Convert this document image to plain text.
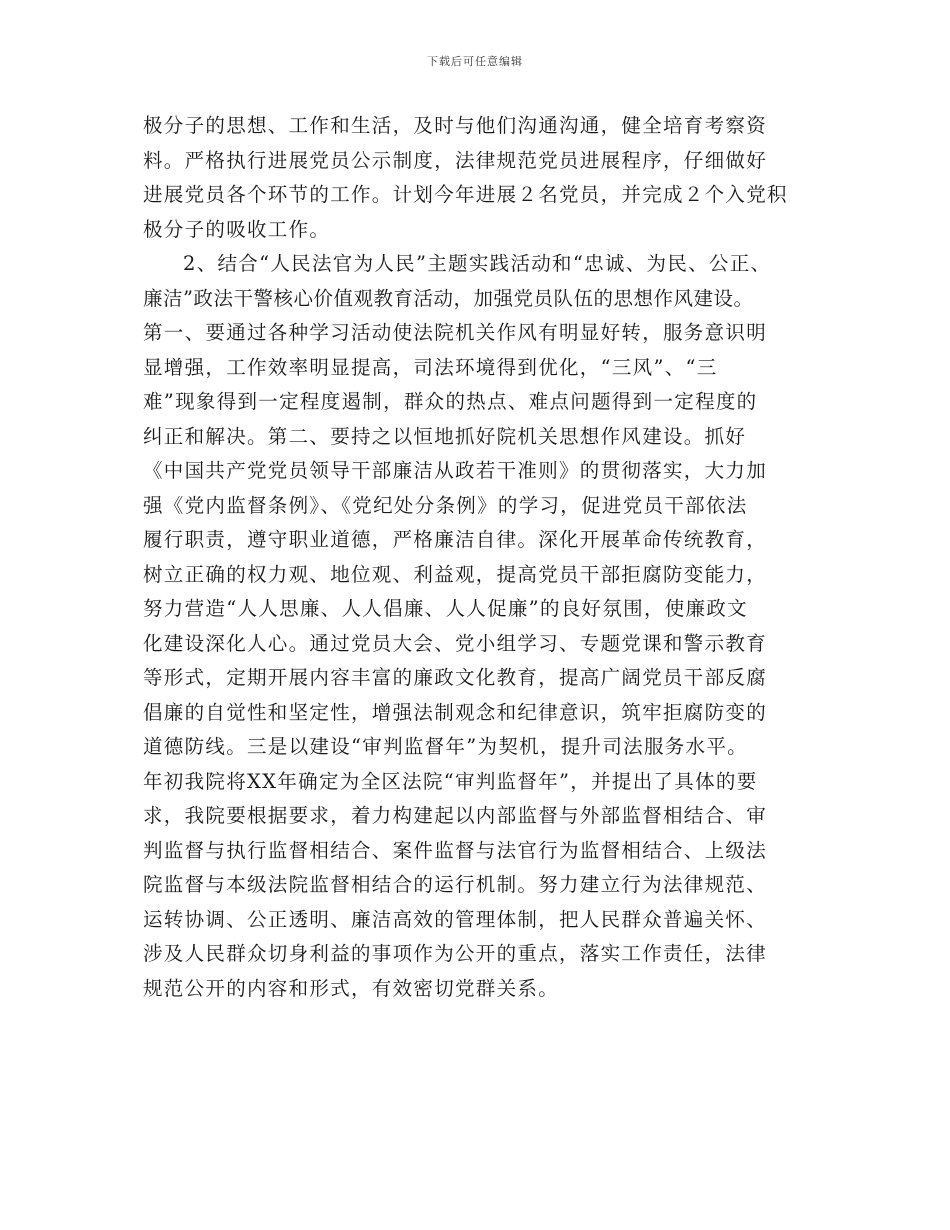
下载后可任意编辑
极分子的思想、工作和生活，及时与他们沟通沟通，健全培育考察资
料。严格执行进展党员公示制度，法律规范党员进展程序，仔细做好
进展党员各个环节的工作。计划今年进展２名党员，并完成２个入党积
极分子的吸收工作。
2、结合“人民法官为人民”主题实践活动和“忠诚、为民、公正、
廉洁”政法干警核心价值观教育活动，加强党员队伍的思想作风建设。
第一、要通过各种学习活动使法院机关作风有明显好转，服务意识明
显增强，工作效率明显提高，司法环境得到优化，“三风”、“三
难”现象得到一定程度遏制，群众的热点、难点问题得到一定程度的
纠正和解决。第二、要持之以恒地抓好院机关思想作风建设。抓好
《中国共产党党员领导干部廉洁从政若干准则》的贯彻落实，大力加
强《党内监督条例》、《党纪处分条例》的学习，促进党员干部依法
履行职责，遵守职业道德，严格廉洁自律。深化开展革命传统教育，
树立正确的权力观、地位观、利益观，提高党员干部拒腐防变能力，
努力营造“人人思廉、人人倡廉、人人促廉”的良好氛围，使廉政文
化建设深化人心。通过党员大会、党小组学习、专题党课和警示教育
等形式，定期开展内容丰富的廉政文化教育，提高广阔党员干部反腐
倡廉的自觉性和坚定性，增强法制观念和纪律意识，筑牢拒腐防变的
道德防线。三是以建设“审判监督年”为契机，提升司法服务水平。
年初我院将XX年确定为全区法院“审判监督年”，并提出了具体的要
求，我院要根据要求，着力构建起以内部监督与外部监督相结合、审
判监督与执行监督相结合、案件监督与法官行为监督相结合、上级法
院监督与本级法院监督相结合的运行机制。努力建立行为法律规范、
运转协调、公正透明、廉洁高效的管理体制，把人民群众普遍关怀、
涉及人民群众切身利益的事项作为公开的重点，落实工作责任，法律
规范公开的内容和形式，有效密切党群关系。
